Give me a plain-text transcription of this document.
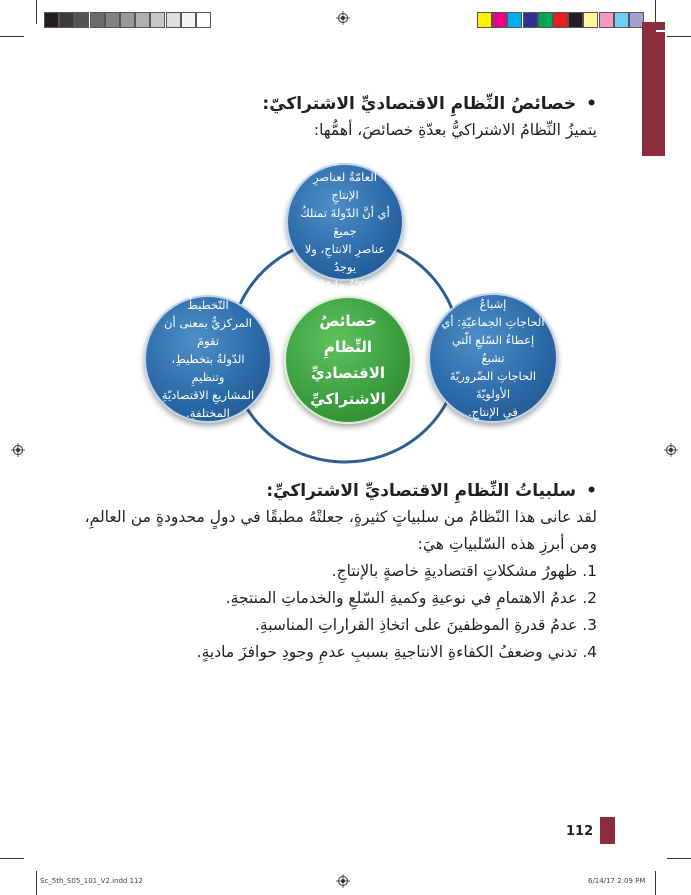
•خصائصُ النِّظامِ الاقتصاديِّ الاشتراكيّ:
يتميزُ النِّظامُ الاشتراكيُّ بعدّةِ خصائصَ، أهمُّها:
الملكيّةُ
العامّةُ لعناصرِ الإنتاجِ
أي أنَّ الدّولةَ تمتلكُ جميعَ
عناصرِ الانتاجِ، ولا يوجدُ
ملكيّةٌ خاصّةٌ.
التّخطيطُ
المركزيُّ بمعنى أن تقومَ
الدّولةُ بتخطيطِ، وتنظيمِ
المشاريعِ الاقتصاديّةِ
المختلفةِ.
إشباعُ
الحاجاتِ الجماعيّةِ: أي
إعطاءُ السّلعِ الّتي تشبعُ
الحاجاتِ الضّروريّةَ الأولويّةَ
في الإنتاجِ.
خصائصُ
النِّظامِ الاقتصاديِّ
الاشتراكيِّ
•سلبياتُ النِّظامِ الاقتصاديِّ الاشتراكيِّ:
لقد عانى هذا النّظامُ من سلبياتٍ كثيرةٍ، جعلتْهُ مطبقًا في دولٍ محدودةٍ من العالمِ،
ومن أبرزِ هذه السّلبياتِ هيَ:
1. ظهورُ مشكلاتٍ اقتصاديةٍ خاصةٍ بالإنتاجِ.
2. عدمُ الاهتمامِ في نوعيةِ وكميةِ السّلعِ والخدماتِ المنتجةِ.
3. عدمُ قدرةِ الموظفينَ على اتخاذِ القراراتِ المناسبةِ.
4. تدني وضعفُ الكفاءةِ الانتاجيةِ بسببِ عدمِ وجودِ حوافزَ ماديةٍ.
112
Sc_5th_S05_101_V2.indd 112	6/14/17 2:09 PM
